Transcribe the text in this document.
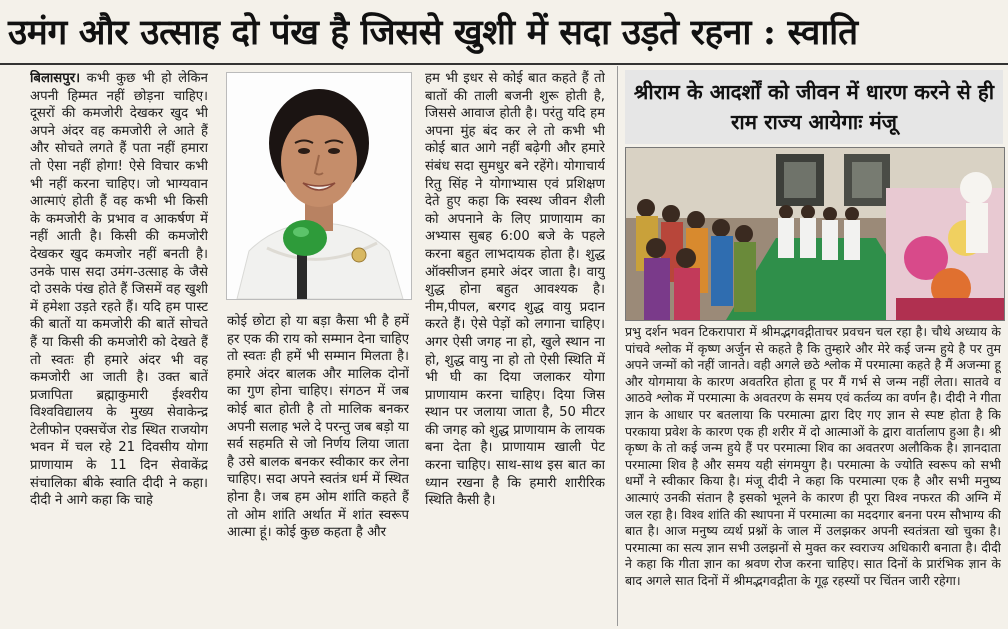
उमंग और उत्साह दो पंख है जिससे खुशी में सदा उड़ते रहना : स्वाति
बिलासपुर। कभी कुछ भी हो लेकिन अपनी हिम्मत नहीं छोड़ना चाहिए। दूसरों की कमजोरी देखकर खुद भी अपने अंदर वह कमजोरी ले आते हैं और सोचते लगते हैं पता नहीं हमारा तो ऐसा नहीं होगा! ऐसे विचार कभी भी नहीं करना चाहिए। जो भाग्यवान आत्माएं होती हैं वह कभी भी किसी के कमजोरी के प्रभाव व आकर्षण में नहीं आती है। किसी की कमजोरी देखकर खुद कमजोर नहीं बनती है। उनके पास सदा उमंग-उत्साह के जैसे दो उसके पंख होते हैं जिसमें वह खुशी में हमेशा उड़ते रहते हैं। यदि हम पास्ट की बातों या कमजोरी की बातें सोचते हैं या किसी की कमजोरी को देखते हैं तो स्वतः ही हमारे अंदर भी वह कमजोरी आ जाती है। उक्त बातें प्रजापिता ब्रह्माकुमारी ईश्वरीय विश्वविद्यालय के मुख्य सेवाकेन्द्र टेलीफोन एक्सचेंज रोड स्थित राजयोग भवन में चल रहे 21 दिवसीय योगा प्राणायाम के 11 दिन सेवाकेंद्र संचालिका बीके स्वाति दीदी ने कहा। दीदी ने आगे कहा कि चाहे
कोई छोटा हो या बड़ा कैसा भी है हमें हर एक की राय को सम्मान देना चाहिए तो स्वतः ही हमें भी सम्मान मिलता है। हमारे अंदर बालक और मालिक दोनों का गुण होना चाहिए। संगठन में जब कोई बात होती है तो मालिक बनकर अपनी सलाह भले दे परन्तु जब बड़ो या सर्व सहमति से जो निर्णय लिया जाता है उसे बालक बनकर स्वीकार कर लेना चाहिए। सदा अपने स्वतंत्र धर्म में स्थित होना है। जब हम ओम शांति कहते हैं तो ओम शांति अर्थात में शांत स्वरूप आत्मा हूं। कोई कुछ कहता है और
हम भी इधर से कोई बात कहते हैं तो बातों की ताली बजनी शुरू होती है, जिससे आवाज होती है। परंतु यदि हम अपना मुंह बंद कर ले तो कभी भी कोई बात आगे नहीं बढ़ेगी और हमारे संबंध सदा सुमधुर बने रहेंगे। योगाचार्य रितु सिंह ने योगाभ्यास एवं प्रशिक्षण देते हुए कहा कि स्वस्थ जीवन शैली को अपनाने के लिए प्राणायाम का अभ्यास सुबह 6:00 बजे के पहले करना बहुत लाभदायक होता है। शुद्ध ऑक्सीजन हमारे अंदर जाता है। वायु शुद्ध होना बहुत आवश्यक है। नीम,पीपल, बरगद शुद्ध वायु प्रदान करते हैं। ऐसे पेड़ों को लगाना चाहिए। अगर ऐसी जगह ना हो, खुले स्थान ना हो, शुद्ध वायु ना हो तो ऐसी स्थिति में भी घी का दिया जलाकर योगा प्राणायाम करना चाहिए। दिया जिस स्थान पर जलाया जाता है, 50 मीटर की जगह को शुद्ध प्राणायाम के लायक बना देता है। प्राणायाम खाली पेट करना चाहिए। साथ-साथ इस बात का ध्यान रखना है कि हमारी शारीरिक स्थिति कैसी है।
श्रीराम के आदर्शों को जीवन में धारण करने से ही राम राज्य आयेगाः मंजू
प्रभु दर्शन भवन टिकरापारा में श्रीमद्भगवद्गीताचर प्रवचन चल रहा है। चौथे अध्याय के पांचवे श्लोक में कृष्ण अर्जुन से कहते है कि तुम्हारे और मेरे कई जन्म हुये है पर तुम अपने जन्मों को नहीं जानते। वही अगले छठे श्लोक में परमात्मा कहते है मैं अजन्मा हू और योगमाया के कारण अवतरित होता हू पर मैं गर्भ से जन्म नहीं लेता। सातवे व आठवे श्लोक में परमात्मा के अवतरण के समय एवं कर्तव्य का वर्णन है। दीदी ने गीता ज्ञान के आधार पर बतलाया कि परमात्मा द्वारा दिए गए ज्ञान से स्पष्ट होता है कि परकाया प्रवेश के कारण एक ही शरीर में दो आत्माओं के द्वारा वार्तालाप हुआ है। श्री कृष्ण के तो कई जन्म हुये हैं पर परमात्मा शिव का अवतरण अलौकिक है। ज्ञानदाता परमात्मा शिव है और समय यही संगमयुग है। परमात्मा के ज्योति स्वरूप को सभी धर्मों ने स्वीकार किया है। मंजू दीदी ने कहा कि परमात्मा एक है और सभी मनुष्य आत्माएं उनकी संतान है इसको भूलने के कारण ही पूरा विश्व नफरत की अग्नि में जल रहा है। विश्व शांति की स्थापना में परमात्मा का मददगार बनना परम सौभाग्य की बात है। आज मनुष्य व्यर्थ प्रश्नों के जाल में उलझकर अपनी स्वतंत्रता खो चुका है। परमात्मा का सत्य ज्ञान सभी उलझनों से मुक्त कर स्वराज्य अधिकारी बनाता है। दीदी ने कहा कि गीता ज्ञान का श्रवण रोज करना चाहिए। सात दिनों के प्रारंभिक ज्ञान के बाद अगले सात दिनों में श्रीमद्भगवद्गीता के गूढ़ रहस्यों पर चिंतन जारी रहेगा।
